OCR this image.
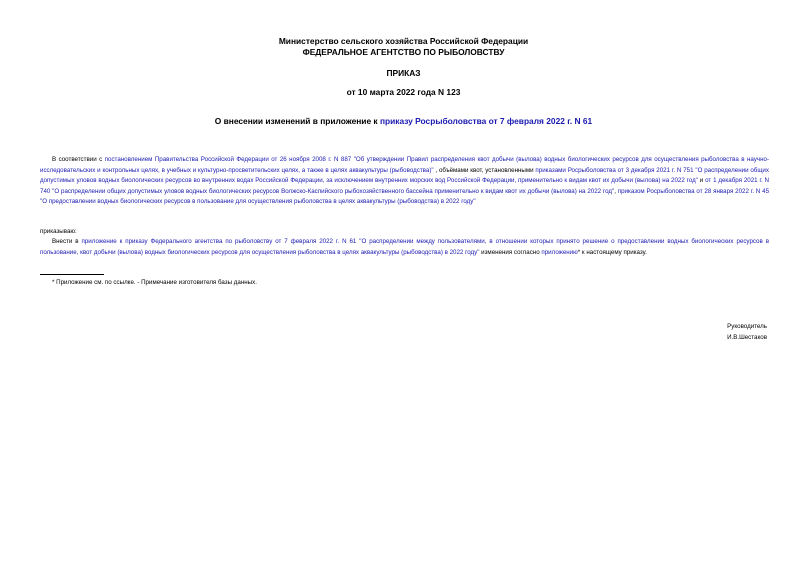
Министерство сельского хозяйства Российской Федерации
ФЕДЕРАЛЬНОЕ АГЕНТСТВО ПО РЫБОЛОВСТВУ
ПРИКАЗ
от 10 марта 2022 года N 123
О внесении изменений в приложение к приказу Росрыболовства от 7 февраля 2022 г. N 61
В соответствии с постановлением Правительства Российской Федерации от 26 ноября 2008 г. N 887 "Об утверждении Правил распределения квот добычи (вылова) водных биологических ресурсов для осуществления рыболовства в научно-исследовательских и контрольных целях, в учебных и культурно-просветительских целях, а также в целях аквакультуры (рыбоводства)" , объёмами квот, установленными приказами Росрыболовства от 3 декабря 2021 г. N 751 "О распределении общих допустимых уловов водных биологических ресурсов во внутренних водах Российской Федерации, за исключением внутренних морских вод Российской Федерации, применительно к видам квот их добычи (вылова) на 2022 год" и от 1 декабря 2021 г. N 740 "О распределении общих допустимых уловов водных биологических ресурсов Волжско-Каспийского рыбохозяйственного бассейна применительно к видам квот их добычи (вылова) на 2022 год", приказом Росрыболовства от 28 января 2022 г. N 45 "О предоставлении водных биологических ресурсов в пользование для осуществления рыболовства в целях аквакультуры (рыбоводства) в 2022 году"
приказываю:
Внести в приложение к приказу Федерального агентства по рыболовству от 7 февраля 2022 г. N 61 "О распределении между пользователями, в отношении которых принято решение о предоставлении водных биологических ресурсов в пользование, квот добычи (вылова) водных биологических ресурсов для осуществления рыболовства в целях аквакультуры (рыбоводства) в 2022 году" изменения согласно приложению* к настоящему приказу.
* Приложение см. по ссылке. - Примечание изготовителя базы данных.
Руководитель
И.В.Шестаков
